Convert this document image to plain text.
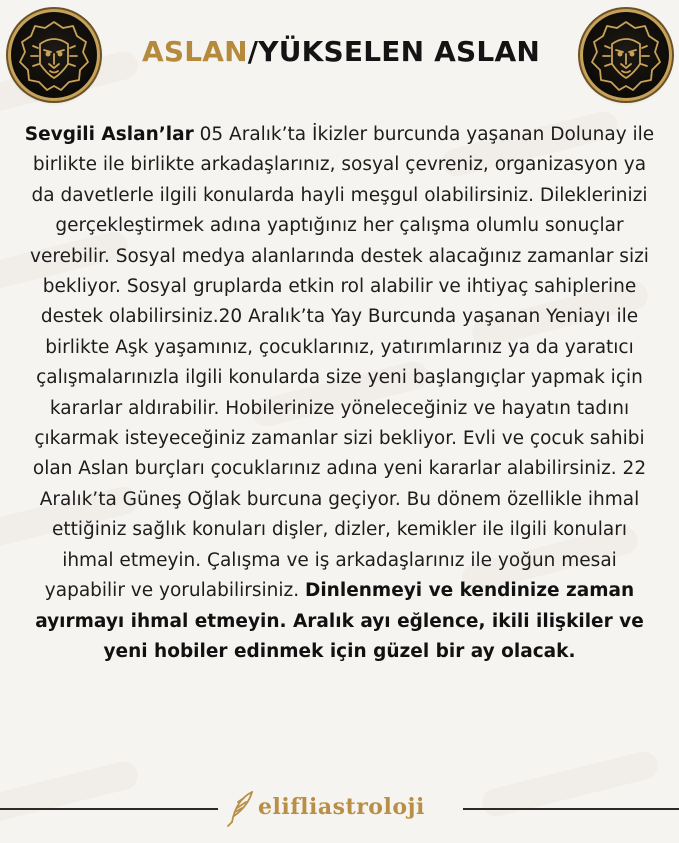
ASLAN/YÜKSELEN ASLAN
Sevgili Aslan’lar 05 Aralık’ta İkizler burcunda yaşanan Dolunay ile birlikte ile birlikte arkadaşlarınız, sosyal çevreniz, organizasyon ya da davetlerle ilgili konularda hayli meşgul olabilirsiniz. Dileklerinizi gerçekleştirmek adına yaptığınız her çalışma olumlu sonuçlar verebilir. Sosyal medya alanlarında destek alacağınız zamanlar sizi bekliyor. Sosyal gruplarda etkin rol alabilir ve ihtiyaç sahiplerine destek olabilirsiniz.20 Aralık’ta Yay Burcunda yaşanan Yeniayı ile birlikte Aşk yaşamınız, çocuklarınız, yatırımlarınız ya da yaratıcı çalışmalarınızla ilgili konularda size yeni başlangıçlar yapmak için kararlar aldırabilir. Hobilerinize yöneleceğiniz ve hayatın tadını çıkarmak isteyeceğiniz zamanlar sizi bekliyor. Evli ve çocuk sahibi olan Aslan burçları çocuklarınız adına yeni kararlar alabilirsiniz. 22 Aralık’ta Güneş Oğlak burcuna geçiyor. Bu dönem özellikle ihmal ettiğiniz sağlık konuları dişler, dizler, kemikler ile ilgili konuları ihmal etmeyin. Çalışma ve iş arkadaşlarınız ile yoğun mesai yapabilir ve yorulabilirsiniz. Dinlenmeyi ve kendinize zaman ayırmayı ihmal etmeyin. Aralık ayı eğlence, ikili ilişkiler ve yeni hobiler edinmek için güzel bir ay olacak.
elifliastroloji
